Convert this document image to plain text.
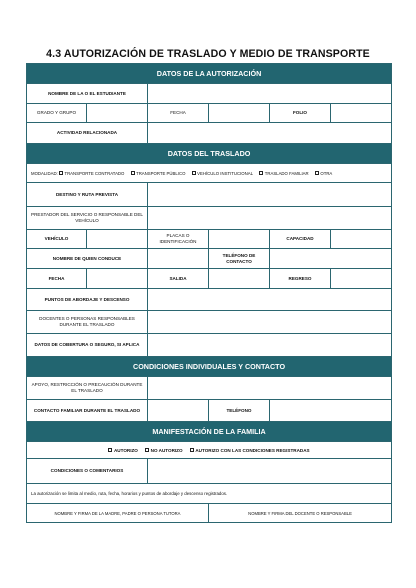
4.3 AUTORIZACIÓN DE TRASLADO Y MEDIO DE TRANSPORTE
DATOS DE LA AUTORIZACIÓN					
NOMBRE DE LA O EL ESTUDIANTE					
GRADO Y GRUPO		FECHA		FOLIO	
ACTIVIDAD RELACIONADA					
DATOS DEL TRASLADO					
MODALIDAD: TRANSPORTE CONTRATADO TRANSPORTE PÚBLICO VEHÍCULO INSTITUCIONAL TRASLADO FAMILIAR OTRA					
DESTINO Y RUTA PREVISTA					
PRESTADOR DEL SERVICIO O RESPONSABLE DEL VEHÍCULO					
VEHÍCULO		PLACAS O IDENTIFICACIÓN		CAPACIDAD	
NOMBRE DE QUIEN CONDUCE			TELÉFONO DE CONTACTO		
FECHA		SALIDA		REGRESO	
PUNTOS DE ABORDAJE Y DESCENSO					
DOCENTES O PERSONAS RESPONSABLES DURANTE EL TRASLADO					
DATOS DE COBERTURA O SEGURO, SI APLICA					
CONDICIONES INDIVIDUALES Y CONTACTO					
APOYO, RESTRICCIÓN O PRECAUCIÓN DURANTE EL TRASLADO					
CONTACTO FAMILIAR DURANTE EL TRASLADO			TELÉFONO		
MANIFESTACIÓN DE LA FAMILIA					
AUTORIZO NO AUTORIZO AUTORIZO CON LAS CONDICIONES REGISTRADAS					
CONDICIONES O COMENTARIOS					
La autorización se limita al medio, ruta, fecha, horarios y puntos de abordaje y descenso registrados.					
NOMBRE Y FIRMA DE LA MADRE, PADRE O PERSONA TUTORA			NOMBRE Y FIRMA DEL DOCENTE O RESPONSABLE		
